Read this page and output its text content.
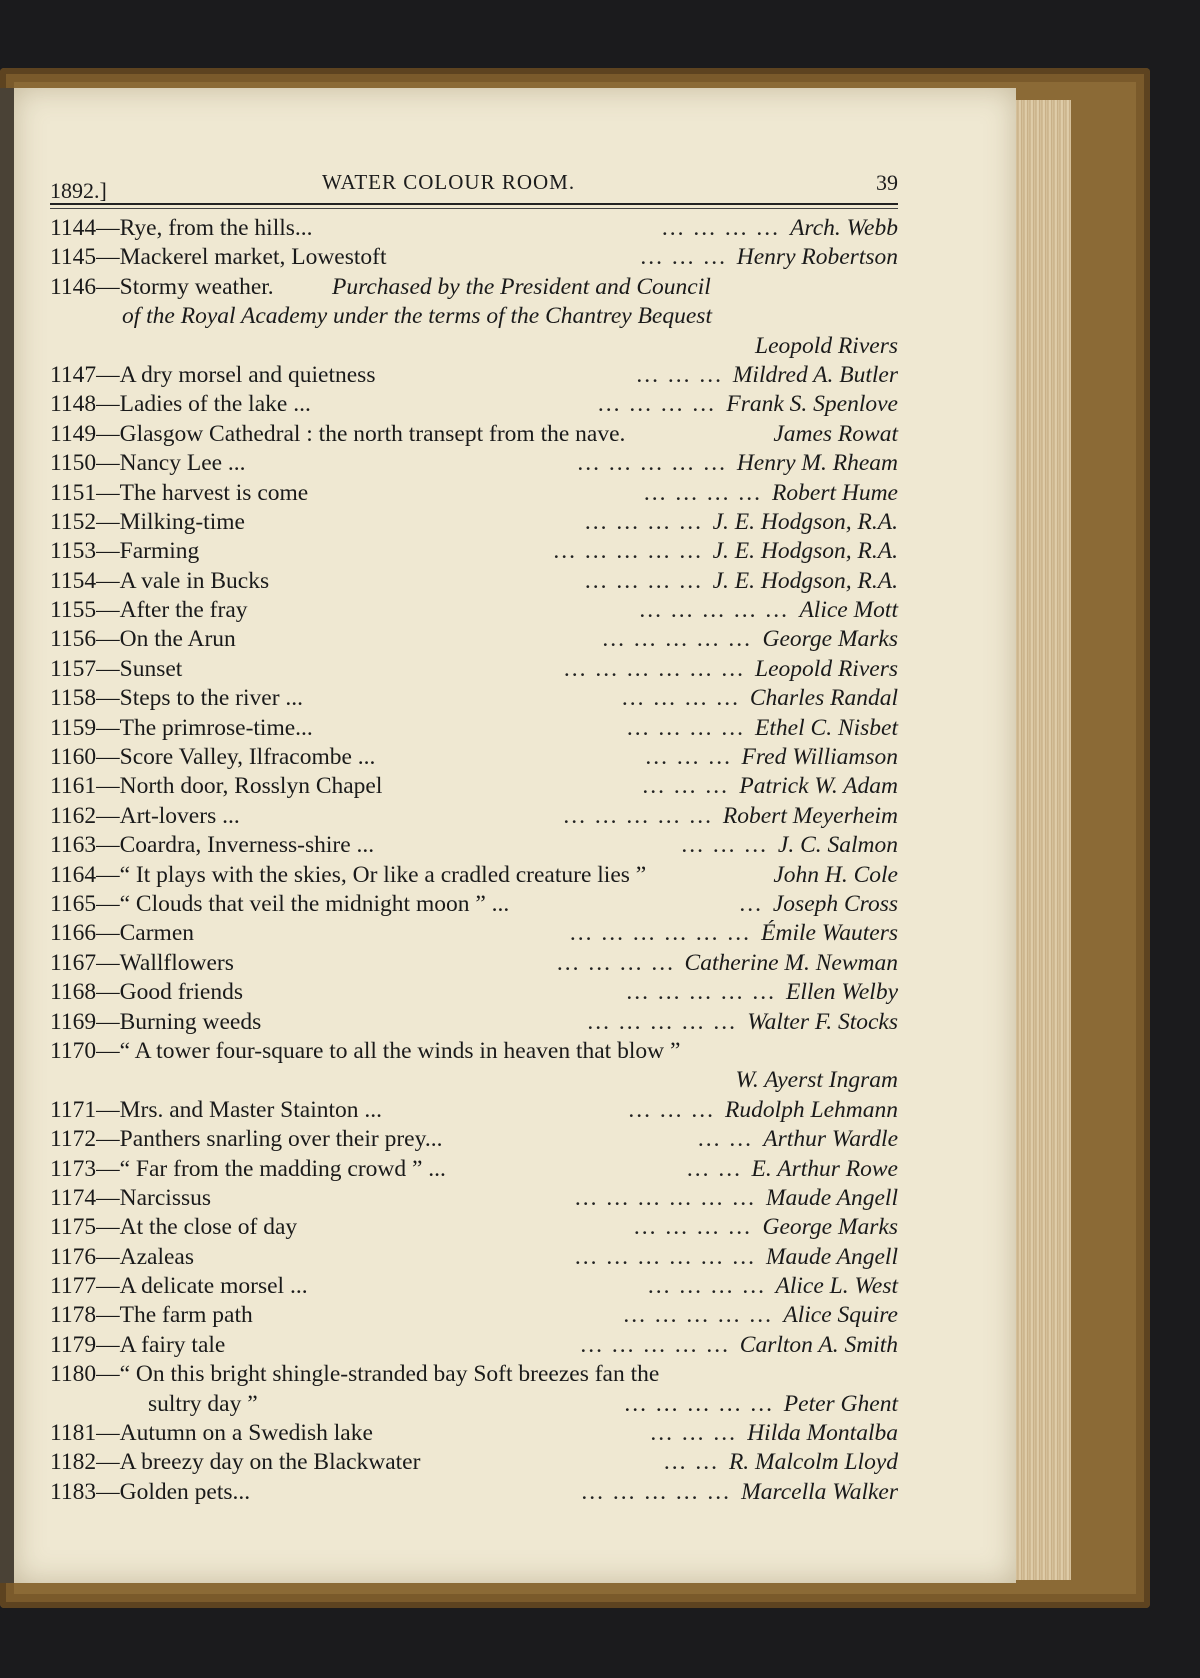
1892.]	WATER COLOUR ROOM.	39
1144—Rye, from the hills...	... ... ... ... Arch. Webb
1145—Mackerel market, Lowestoft	... ... ... Henry Robertson
1146—Stormy weather. Purchased by the President and Council
of the Royal Academy under the terms of the Chantrey Bequest
Leopold Rivers
1147—A dry morsel and quietness	... ... ... Mildred A. Butler
1148—Ladies of the lake ...	... ... ... ... Frank S. Spenlove
1149—Glasgow Cathedral : the north transept from the nave.	James Rowat
1150—Nancy Lee ...	... ... ... ... ... Henry M. Rheam
1151—The harvest is come	... ... ... ... Robert Hume
1152—Milking-time	... ... ... ... J. E. Hodgson, R.A.
1153—Farming	... ... ... ... ... J. E. Hodgson, R.A.
1154—A vale in Bucks	... ... ... ... J. E. Hodgson, R.A.
1155—After the fray	... ... ... ... ... Alice Mott
1156—On the Arun	... ... ... ... ... George Marks
1157—Sunset	... ... ... ... ... ... Leopold Rivers
1158—Steps to the river ...	... ... ... ... Charles Randal
1159—The primrose-time...	... ... ... ... Ethel C. Nisbet
1160—Score Valley, Ilfracombe ...	... ... ... Fred Williamson
1161—North door, Rosslyn Chapel	... ... ... Patrick W. Adam
1162—Art-lovers ...	... ... ... ... ... Robert Meyerheim
1163—Coardra, Inverness-shire ...	... ... ... J. C. Salmon
1164—“ It plays with the skies, Or like a cradled creature lies ”	John H. Cole
1165—“ Clouds that veil the midnight moon ” ...	... Joseph Cross
1166—Carmen	... ... ... ... ... ... Émile Wauters
1167—Wallflowers	... ... ... ... Catherine M. Newman
1168—Good friends	... ... ... ... ... Ellen Welby
1169—Burning weeds	... ... ... ... ... Walter F. Stocks
1170—“ A tower four-square to all the winds in heaven that blow ”
W. Ayerst Ingram
1171—Mrs. and Master Stainton ...	... ... ... Rudolph Lehmann
1172—Panthers snarling over their prey...	... ... Arthur Wardle
1173—“ Far from the madding crowd ” ...	... ... E. Arthur Rowe
1174—Narcissus	... ... ... ... ... ... Maude Angell
1175—At the close of day	... ... ... ... George Marks
1176—Azaleas	... ... ... ... ... ... Maude Angell
1177—A delicate morsel ...	... ... ... ... Alice L. West
1178—The farm path	... ... ... ... ... Alice Squire
1179—A fairy tale	... ... ... ... ... Carlton A. Smith
1180—“ On this bright shingle-stranded bay Soft breezes fan the
sultry day ”	... ... ... ... ... Peter Ghent
1181—Autumn on a Swedish lake	... ... ... Hilda Montalba
1182—A breezy day on the Blackwater	... ... R. Malcolm Lloyd
1183—Golden pets...	... ... ... ... ... Marcella Walker
